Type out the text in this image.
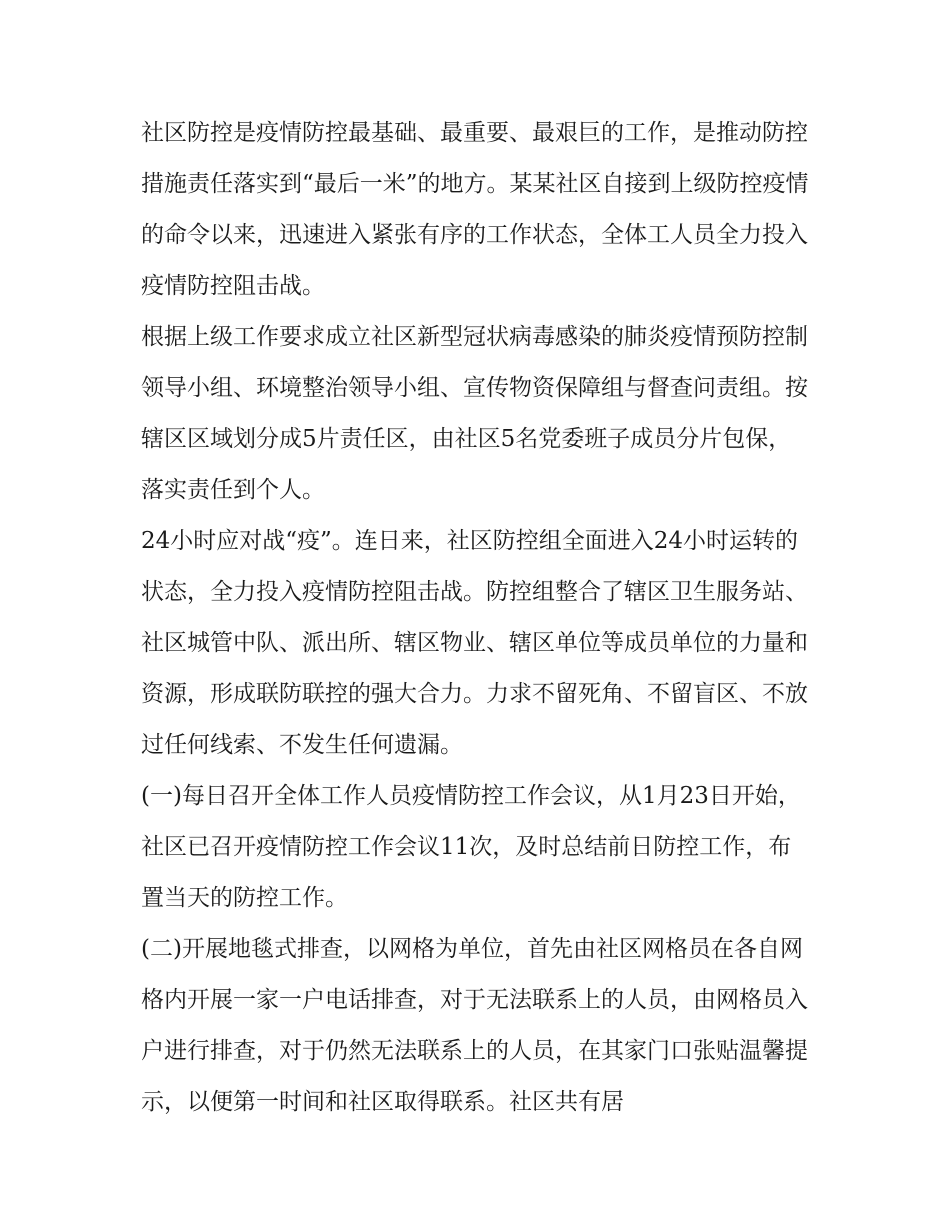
社区防控是疫情防控最基础、最重要、最艰巨的工作，是推动防控措施责任落实到“最后一米”的地方。某某社区自接到上级防控疫情的命令以来，迅速进入紧张有序的工作状态，全体工人员全力投入疫情防控阻击战。

根据上级工作要求成立社区新型冠状病毒感染的肺炎疫情预防控制领导小组、环境整治领导小组、宣传物资保障组与督查问责组。按辖区区域划分成5片责任区，由社区5名党委班子成员分片包保，落实责任到个人。

24小时应对战“疫”。连日来，社区防控组全面进入24小时运转的状态，全力投入疫情防控阻击战。防控组整合了辖区卫生服务站、社区城管中队、派出所、辖区物业、辖区单位等成员单位的力量和资源，形成联防联控的强大合力。力求不留死角、不留盲区、不放过任何线索、不发生任何遗漏。

(一)每日召开全体工作人员疫情防控工作会议，从1月23日开始，社区已召开疫情防控工作会议11次，及时总结前日防控工作，布置当天的防控工作。

(二)开展地毯式排查，以网格为单位，首先由社区网格员在各自网格内开展一家一户电话排查，对于无法联系上的人员，由网格员入户进行排查，对于仍然无法联系上的人员，在其家门口张贴温馨提示，以便第一时间和社区取得联系。社区共有居
